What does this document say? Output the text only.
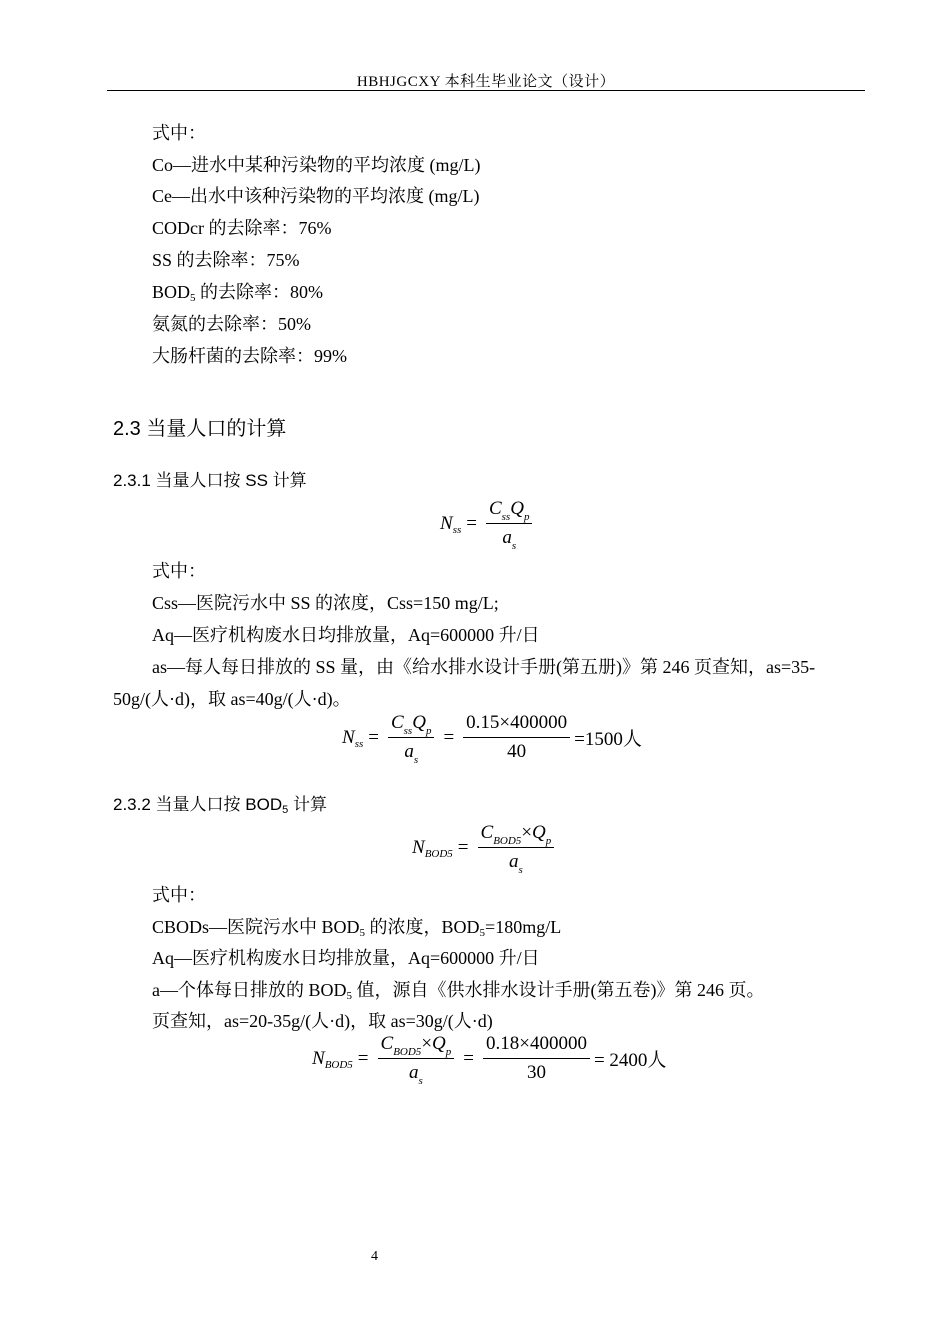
HBHJGCXY 本科生毕业论文（设计）
式中：
Co—进水中某种污染物的平均浓度 (mg/L)
Ce—出水中该种污染物的平均浓度 (mg/L)
CODcr 的去除率：76%
SS 的去除率：75%
$BOD_5$ 的去除率：80%
氨氮的去除率：50%
大肠杆菌的去除率：99%
2.3 当量人口的计算
2.3.1 当量人口按 SS 计算
N ss = $\frac{C_{ss}Q_p}{a_s}$
式中：
Css—医院污水中 SS 的浓度，Css=150 mg/L;
Aq—医疗机构废水日均排放量，Aq=600000 升/日
as—每人每日排放的 SS 量，由《给水排水设计手册(第五册)》第 246 页查知，as=35-
50g/(人·d)，取 as=40g/(人·d)。
N ss = $\frac{C_{ss}Q_p}{a_s} = \frac{0.15\times 400000}{40} =1500$人
2.3.2 当量人口按 $BOD_5$ 计算
N $BOD5 = \frac{C_{BOD5}\times Q_p}{a_s}$
式中：
CBODs—医院污水中 $BOD_5$ 的浓度，$BOD_5=180mg/L$
Aq—医疗机构废水日均排放量，Aq=600000 升/日
a—个体每日排放的 $BOD_5$ 值，源自《供水排水设计手册(第五卷)》第 246 页。
页查知，as=20-35g/(人·d)，取 as=30g/(人·d)
N $BOD5 = \frac{C_{BOD5}\times Q_p}{a_s} = \frac{0.18\times 400000}{30} = 2400$人
4
